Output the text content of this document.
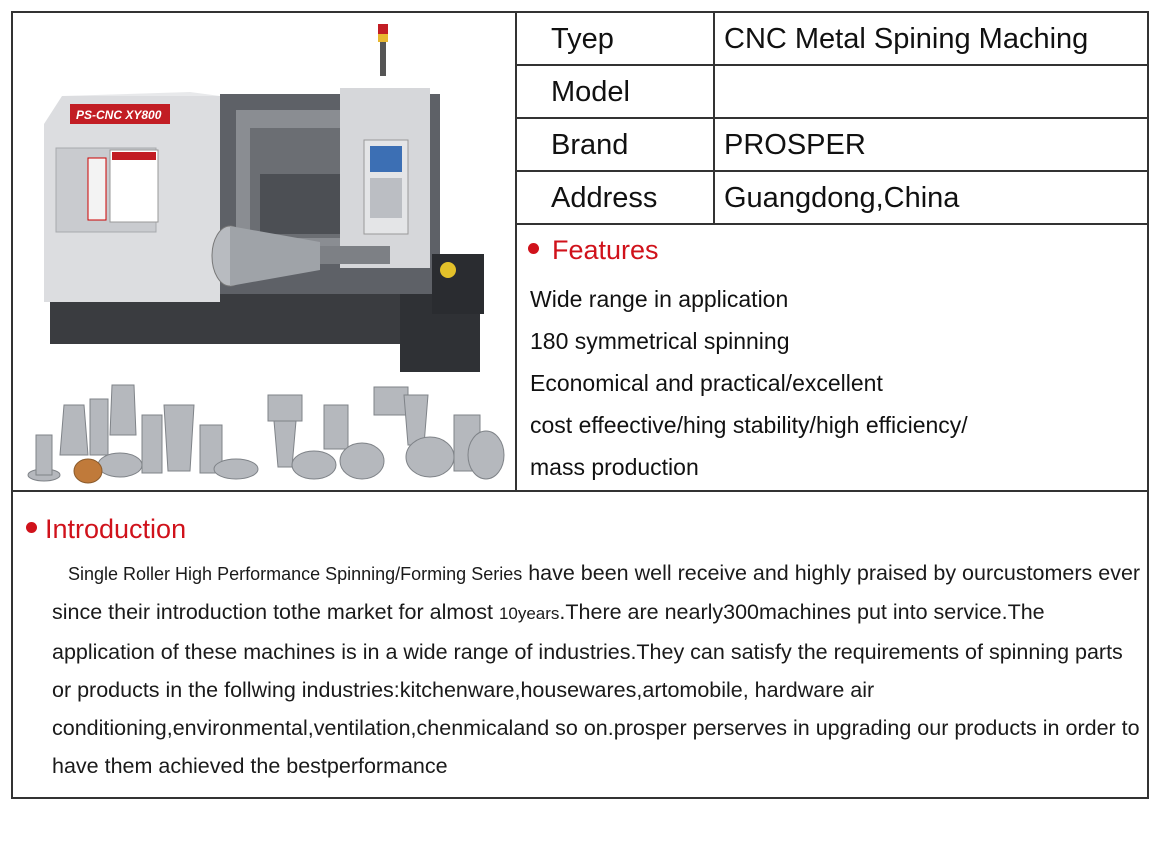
PS-CNC XY800
Tyep	CNC Metal Spining Maching
Model
Brand	PROSPER
Address Guangdong,China
Features
Wide range in application
180 symmetrical spinning
Economical and practical/excellent
cost effeective/hing stability/high efficiency/
mass production
Introduction

Single Roller High Performance Spinning/Forming Series have been well receive and highly praised by ourcustomers ever since their introduction tothe market for almost 10years.There are nearly300machines put into service.The application of these machines is in a wide range of industries.They can satisfy the requirements of spinning parts or products in the follwing industries:kitchenware,housewares,artomobile, hardware air conditioning,environmental,ventilation,chenmicaland so on.prosper perserves in upgrading our products in order to have them achieved the bestperformance
